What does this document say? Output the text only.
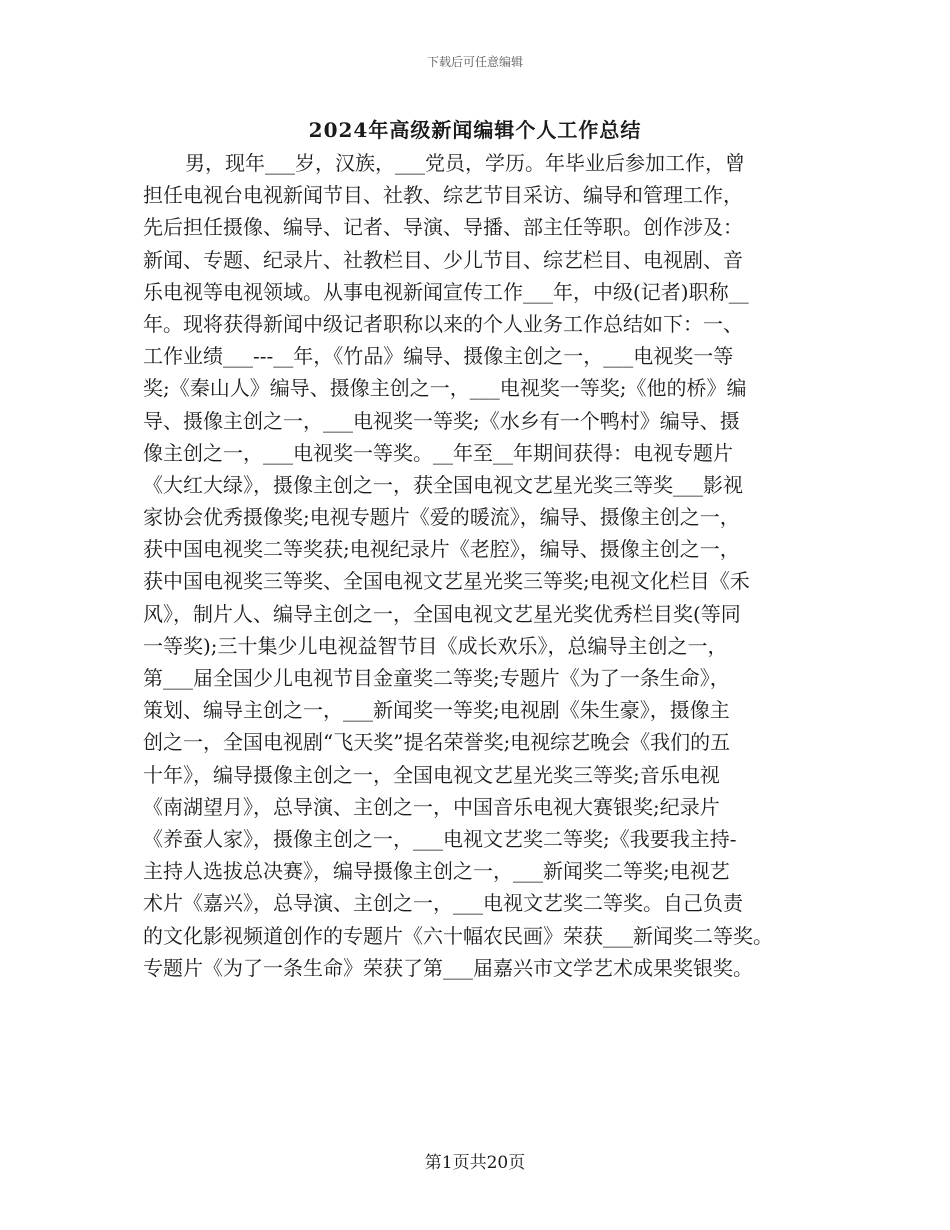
下载后可任意编辑
2024年高级新闻编辑个人工作总结
男，现年___岁，汉族，___党员，学历。年毕业后参加工作，曾
担任电视台电视新闻节目、社教、综艺节目采访、编导和管理工作，
先后担任摄像、编导、记者、导演、导播、部主任等职。创作涉及：
新闻、专题、纪录片、社教栏目、少儿节目、综艺栏目、电视剧、音
乐电视等电视领域。从事电视新闻宣传工作___年，中级(记者)职称__
年。现将获得新闻中级记者职称以来的个人业务工作总结如下：一、
工作业绩___---__年，《竹品》编导、摄像主创之一，___电视奖一等
奖;《秦山人》编导、摄像主创之一，___电视奖一等奖;《他的桥》编
导、摄像主创之一，___电视奖一等奖;《水乡有一个鸭村》编导、摄
像主创之一，___电视奖一等奖。__年至__年期间获得：电视专题片
《大红大绿》，摄像主创之一，获全国电视文艺星光奖三等奖___影视
家协会优秀摄像奖;电视专题片《爱的暖流》，编导、摄像主创之一，
获中国电视奖二等奖获;电视纪录片《老腔》，编导、摄像主创之一，
获中国电视奖三等奖、全国电视文艺星光奖三等奖;电视文化栏目《禾
风》，制片人、编导主创之一，全国电视文艺星光奖优秀栏目奖(等同
一等奖);三十集少儿电视益智节目《成长欢乐》，总编导主创之一，
第___届全国少儿电视节目金童奖二等奖;专题片《为了一条生命》，
策划、编导主创之一，___新闻奖一等奖;电视剧《朱生豪》，摄像主
创之一，全国电视剧“飞天奖”提名荣誉奖;电视综艺晚会《我们的五
十年》，编导摄像主创之一，全国电视文艺星光奖三等奖;音乐电视
《南湖望月》，总导演、主创之一，中国音乐电视大赛银奖;纪录片
《养蚕人家》，摄像主创之一，___电视文艺奖二等奖;《我要我主持-
主持人选拔总决赛》，编导摄像主创之一，___新闻奖二等奖;电视艺
术片《嘉兴》，总导演、主创之一，___电视文艺奖二等奖。自己负责
的文化影视频道创作的专题片《六十幅农民画》荣获___新闻奖二等奖。
专题片《为了一条生命》荣获了第___届嘉兴市文学艺术成果奖银奖。
第1页共20页
